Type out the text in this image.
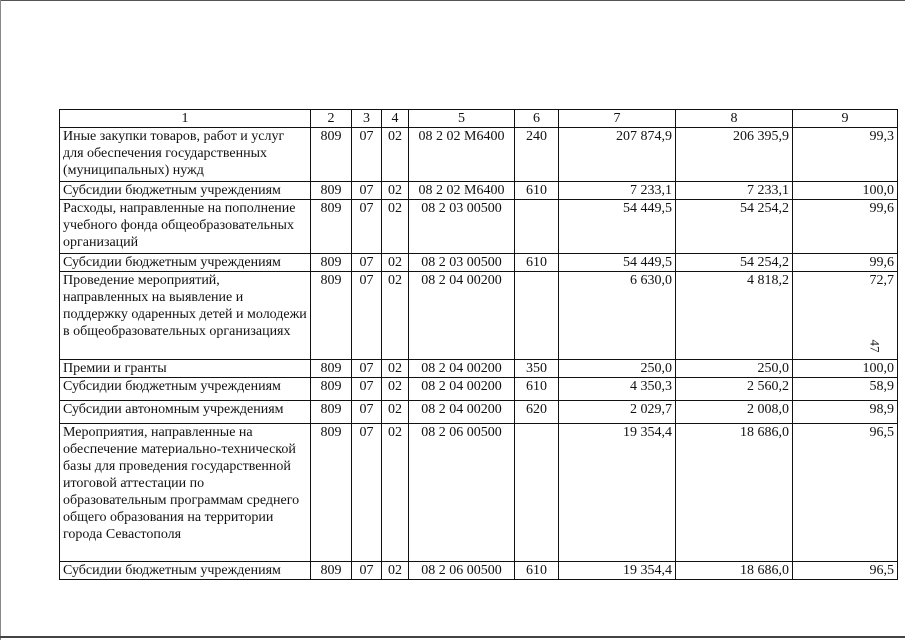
1	2	3	4	5	6	7	8	9
Иные закупки товаров, работ и услуг для обеспечения государственных (муниципальных) нужд	809	07	02	08 2 02 М6400	240	207 874,9	206 395,9	99,3
Субсидии бюджетным учреждениям	809	07	02	08 2 02 М6400	610	7 233,1	7 233,1	100,0
Расходы, направленные на пополнение учебного фонда общеобразовательных организаций	809	07	02	08 2 03 00500		54 449,5	54 254,2	99,6
Субсидии бюджетным учреждениям	809	07	02	08 2 03 00500	610	54 449,5	54 254,2	99,6
Проведение мероприятий, направленных на выявление и поддержку одаренных детей и молодежи в общеобразовательных организациях	809	07	02	08 2 04 00200		6 630,0	4 818,2	72,7
Премии и гранты	809	07	02	08 2 04 00200	350	250,0	250,0	100,0
Субсидии бюджетным учреждениям	809	07	02	08 2 04 00200	610	4 350,3	2 560,2	58,9
Субсидии автономным учреждениям	809	07	02	08 2 04 00200	620	2 029,7	2 008,0	98,9
Мероприятия, направленные на обеспечение материально-технической базы для проведения государственной итоговой аттестации по образовательным программам среднего общего образования на территории города Севастополя	809	07	02	08 2 06 00500		19 354,4	18 686,0	96,5
Субсидии бюджетным учреждениям	809	07	02	08 2 06 00500	610	19 354,4	18 686,0	96,5
47
